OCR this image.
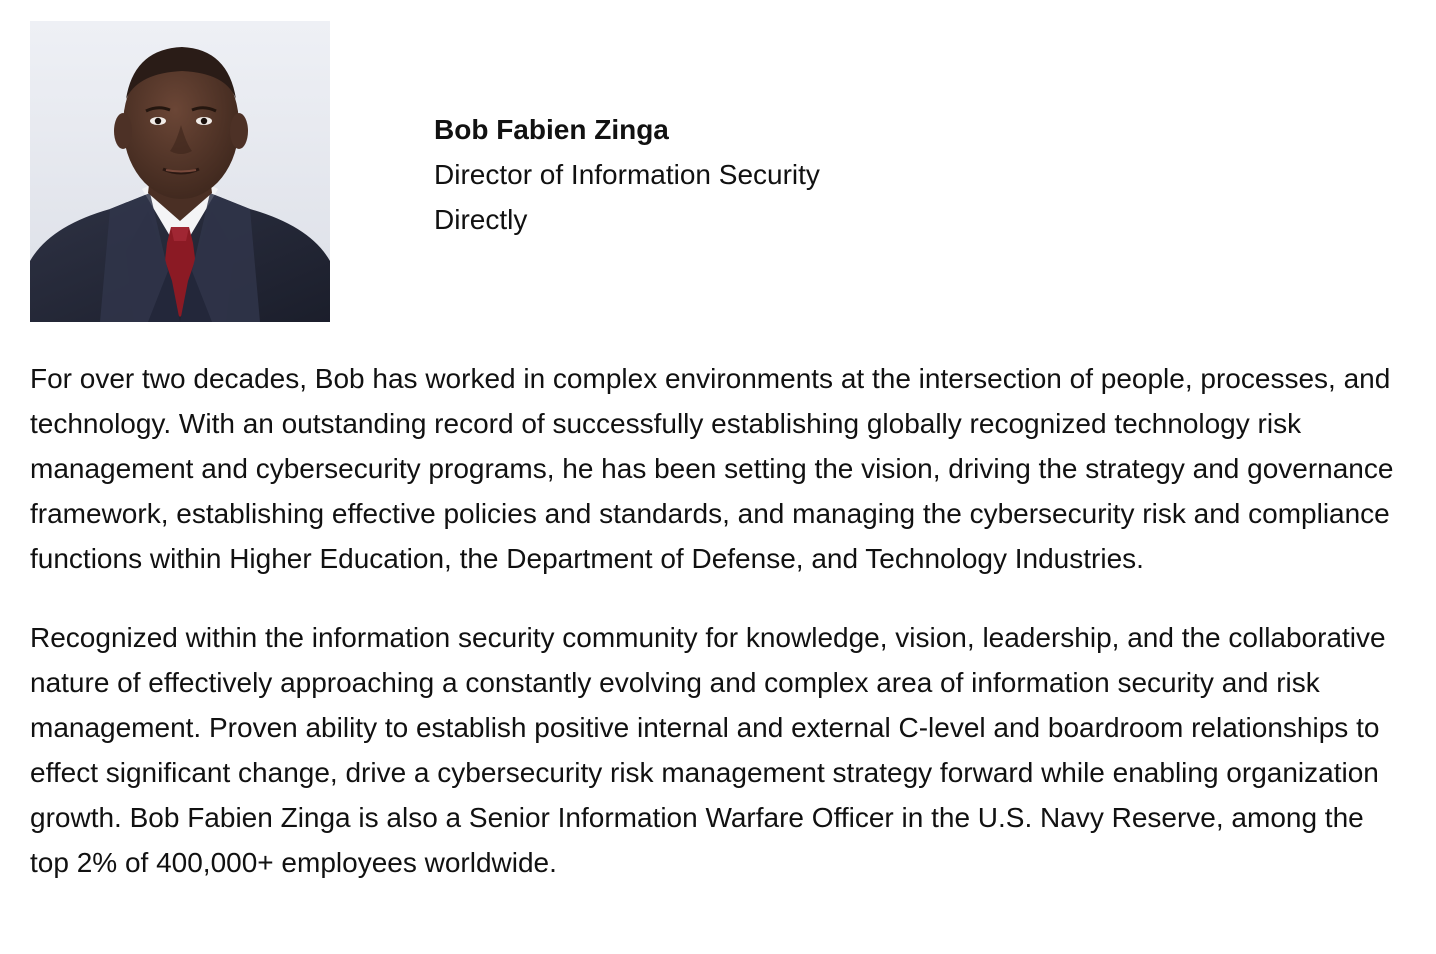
Bob Fabien Zinga
Director of Information Security
Directly

For over two decades, Bob has worked in complex environments at the intersection of people, processes, and technology. With an outstanding record of successfully establishing globally recognized technology risk management and cybersecurity programs, he has been setting the vision, driving the strategy and governance framework, establishing effective policies and standards, and managing the cybersecurity risk and compliance functions within Higher Education, the Department of Defense, and Technology Industries.

Recognized within the information security community for knowledge, vision, leadership, and the collaborative nature of effectively approaching a constantly evolving and complex area of information security and risk management. Proven ability to establish positive internal and external C-level and boardroom relationships to effect significant change, drive a cybersecurity risk management strategy forward while enabling organization growth. Bob Fabien Zinga is also a Senior Information Warfare Officer in the U.S. Navy Reserve, among the top 2% of 400,000+ employees worldwide.
